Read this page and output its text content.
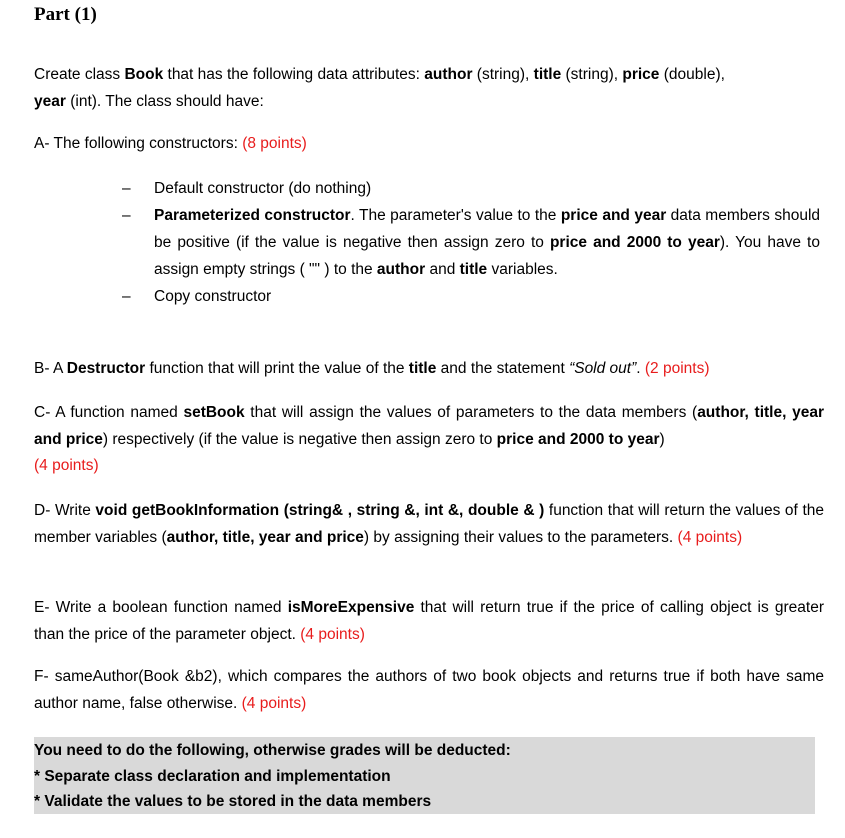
Part (1)
Create class Book that has the following data attributes: author (string), title (string), price (double),
year (int). The class should have:
A- The following constructors: (8 points)
– Default constructor (do nothing)
– Parameterized constructor. The parameter's value to the price and year data members should be positive (if the value is negative then assign zero to price and 2000 to year). You have to assign empty strings ( "" ) to the author and title variables.
– Copy constructor
B- A Destructor function that will print the value of the title and the statement “Sold out”. (2 points)
C- A function named setBook that will assign the values of parameters to the data members (author, title, year and price) respectively (if the value is negative then assign zero to price and 2000 to year)
(4 points)
D- Write void getBookInformation (string& , string &, int &, double & ) function that will return the values of the member variables (author, title, year and price) by assigning their values to the parameters. (4 points)
E- Write a boolean function named isMoreExpensive that will return true if the price of calling object is greater than the price of the parameter object. (4 points)
F- sameAuthor(Book &b2), which compares the authors of two book objects and returns true if both have same author name, false otherwise. (4 points)
You need to do the following, otherwise grades will be deducted:
* Separate class declaration and implementation
* Validate the values to be stored in the data members
